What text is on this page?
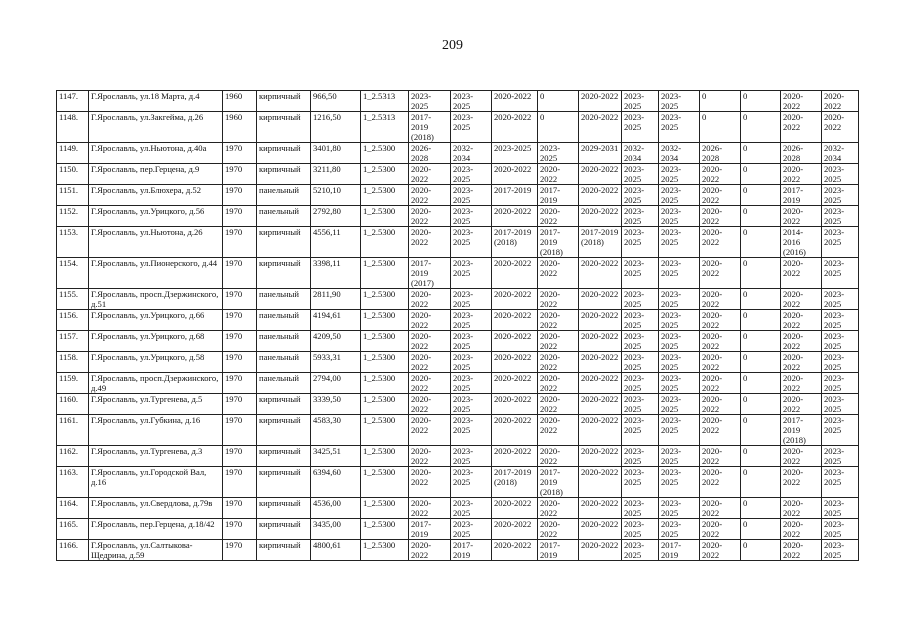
209
1147.	Г.Ярославль, ул.18 Марта, д.4	1960	кирпичный	966,50	1_2.5313	2023-2025	2023-2025	2020-2022	0	2020-2022	2023-2025	2023-2025	0	0	2020-2022	2020-2022
1148.	Г.Ярославль, ул.Закгейма, д.26	1960	кирпичный	1216,50	1_2.5313	2017-2019 (2018)	2023-2025	2020-2022	0	2020-2022	2023-2025	2023-2025	0	0	2020-2022	2020-2022
1149.	Г.Ярославль, ул.Ньютона, д.40а	1970	кирпичный	3401,80	1_2.5300	2026-2028	2032-2034	2023-2025	2023-2025	2029-2031	2032-2034	2032-2034	2026-2028	0	2026-2028	2032-2034
1150.	Г.Ярославль, пер.Герцена, д.9	1970	кирпичный	3211,80	1_2.5300	2020-2022	2023-2025	2020-2022	2020-2022	2020-2022	2023-2025	2023-2025	2020-2022	0	2020-2022	2023-2025
1151.	Г.Ярославль, ул.Блюхера, д.52	1970	панельный	5210,10	1_2.5300	2020-2022	2023-2025	2017-2019	2017-2019	2020-2022	2023-2025	2023-2025	2020-2022	0	2017-2019	2023-2025
1152.	Г.Ярославль, ул.Урицкого, д.56	1970	панельный	2792,80	1_2.5300	2020-2022	2023-2025	2020-2022	2020-2022	2020-2022	2023-2025	2023-2025	2020-2022	0	2020-2022	2023-2025
1153.	Г.Ярославль, ул.Ньютона, д.26	1970	кирпичный	4556,11	1_2.5300	2020-2022	2023-2025	2017-2019 (2018)	2017-2019 (2018)	2017-2019 (2018)	2023-2025	2023-2025	2020-2022	0	2014-2016 (2016)	2023-2025
1154.	Г.Ярославль, ул.Пионерского, д.44	1970	кирпичный	3398,11	1_2.5300	2017-2019 (2017)	2023-2025	2020-2022	2020-2022	2020-2022	2023-2025	2023-2025	2020-2022	0	2020-2022	2023-2025
1155.	Г.Ярославль, просп.Дзержинского, д.51	1970	панельный	2811,90	1_2.5300	2020-2022	2023-2025	2020-2022	2020-2022	2020-2022	2023-2025	2023-2025	2020-2022	0	2020-2022	2023-2025
1156.	Г.Ярославль, ул.Урицкого, д.66	1970	панельный	4194,61	1_2.5300	2020-2022	2023-2025	2020-2022	2020-2022	2020-2022	2023-2025	2023-2025	2020-2022	0	2020-2022	2023-2025
1157.	Г.Ярославль, ул.Урицкого, д.68	1970	панельный	4209,50	1_2.5300	2020-2022	2023-2025	2020-2022	2020-2022	2020-2022	2023-2025	2023-2025	2020-2022	0	2020-2022	2023-2025
1158.	Г.Ярославль, ул.Урицкого, д.58	1970	панельный	5933,31	1_2.5300	2020-2022	2023-2025	2020-2022	2020-2022	2020-2022	2023-2025	2023-2025	2020-2022	0	2020-2022	2023-2025
1159.	Г.Ярославль, просп.Дзержинского, д.49	1970	панельный	2794,00	1_2.5300	2020-2022	2023-2025	2020-2022	2020-2022	2020-2022	2023-2025	2023-2025	2020-2022	0	2020-2022	2023-2025
1160.	Г.Ярославль, ул.Тургенева, д.5	1970	кирпичный	3339,50	1_2.5300	2020-2022	2023-2025	2020-2022	2020-2022	2020-2022	2023-2025	2023-2025	2020-2022	0	2020-2022	2023-2025
1161.	Г.Ярославль, ул.Губкина, д.16	1970	кирпичный	4583,30	1_2.5300	2020-2022	2023-2025	2020-2022	2020-2022	2020-2022	2023-2025	2023-2025	2020-2022	0	2017-2019 (2018)	2023-2025
1162.	Г.Ярославль, ул.Тургенева, д.3	1970	кирпичный	3425,51	1_2.5300	2020-2022	2023-2025	2020-2022	2020-2022	2020-2022	2023-2025	2023-2025	2020-2022	0	2020-2022	2023-2025
1163.	Г.Ярославль, ул.Городской Вал, д.16	1970	кирпичный	6394,60	1_2.5300	2020-2022	2023-2025	2017-2019 (2018)	2017-2019 (2018)	2020-2022	2023-2025	2023-2025	2020-2022	0	2020-2022	2023-2025
1164.	Г.Ярославль, ул.Свердлова, д.79в	1970	кирпичный	4536,00	1_2.5300	2020-2022	2023-2025	2020-2022	2020-2022	2020-2022	2023-2025	2023-2025	2020-2022	0	2020-2022	2023-2025
1165.	Г.Ярославль, пер.Герцена, д.18/42	1970	кирпичный	3435,00	1_2.5300	2017-2019	2023-2025	2020-2022	2020-2022	2020-2022	2023-2025	2023-2025	2020-2022	0	2020-2022	2023-2025
1166.	Г.Ярославль, ул.Салтыкова-Щедрина, д.59	1970	кирпичный	4800,61	1_2.5300	2020-2022	2017-2019	2020-2022	2017-2019	2020-2022	2023-2025	2017-2019	2020-2022	0	2020-2022	2023-2025
